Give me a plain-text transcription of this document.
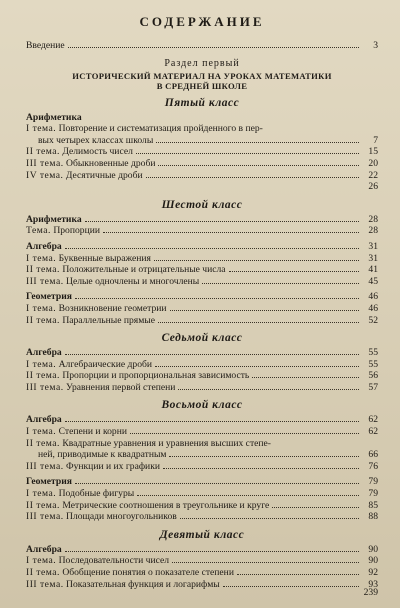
СОДЕРЖАНИЕ
Введение	3
Раздел первый
ИСТОРИЧЕСКИЙ МАТЕРИАЛ НА УРОКАХ МАТЕМАТИКИ
В СРЕДНЕЙ ШКОЛЕ
Пятый класс
Арифметика
I тема. Повторение и систематизация пройденного в пер-
вых четырех классах школы	7
II тема. Делимость чисел	15
III тема. Обыкновенные дроби	20
IV тема. Десятичные дроби	22
26
Шестой класс
Арифметика	28
Тема. Пропорции	28
Алгебра	31
I тема. Буквенные выражения	31
II тема. Положительные и отрицательные числа	41
III тема. Целые одночлены и многочлены	45
Геометрия	46
I тема. Возникновение геометрии	46
II тема. Параллельные прямые	52
Седьмой класс
Алгебра	55
I тема. Алгебраические дроби	55
II тема. Пропорции и пропорциональная зависимость	56
III тема. Уравнения первой степени	57
Восьмой класс
Алгебра	62
I тема. Степени и корни	62
II тема. Квадратные уравнения и уравнения высших степе-
ней, приводимые к квадратным	66
III тема. Функции и их графики	76
Геометрия	79
I тема. Подобные фигуры	79
II тема. Метрические соотношения в треугольнике и круге	85
III тема. Площади многоугольников	88
Девятый класс
Алгебра	90
I тема. Последовательности чисел	90
II тема. Обобщение понятия о показателе степени	92
III тема. Показательная функция и логарифмы	93
239
